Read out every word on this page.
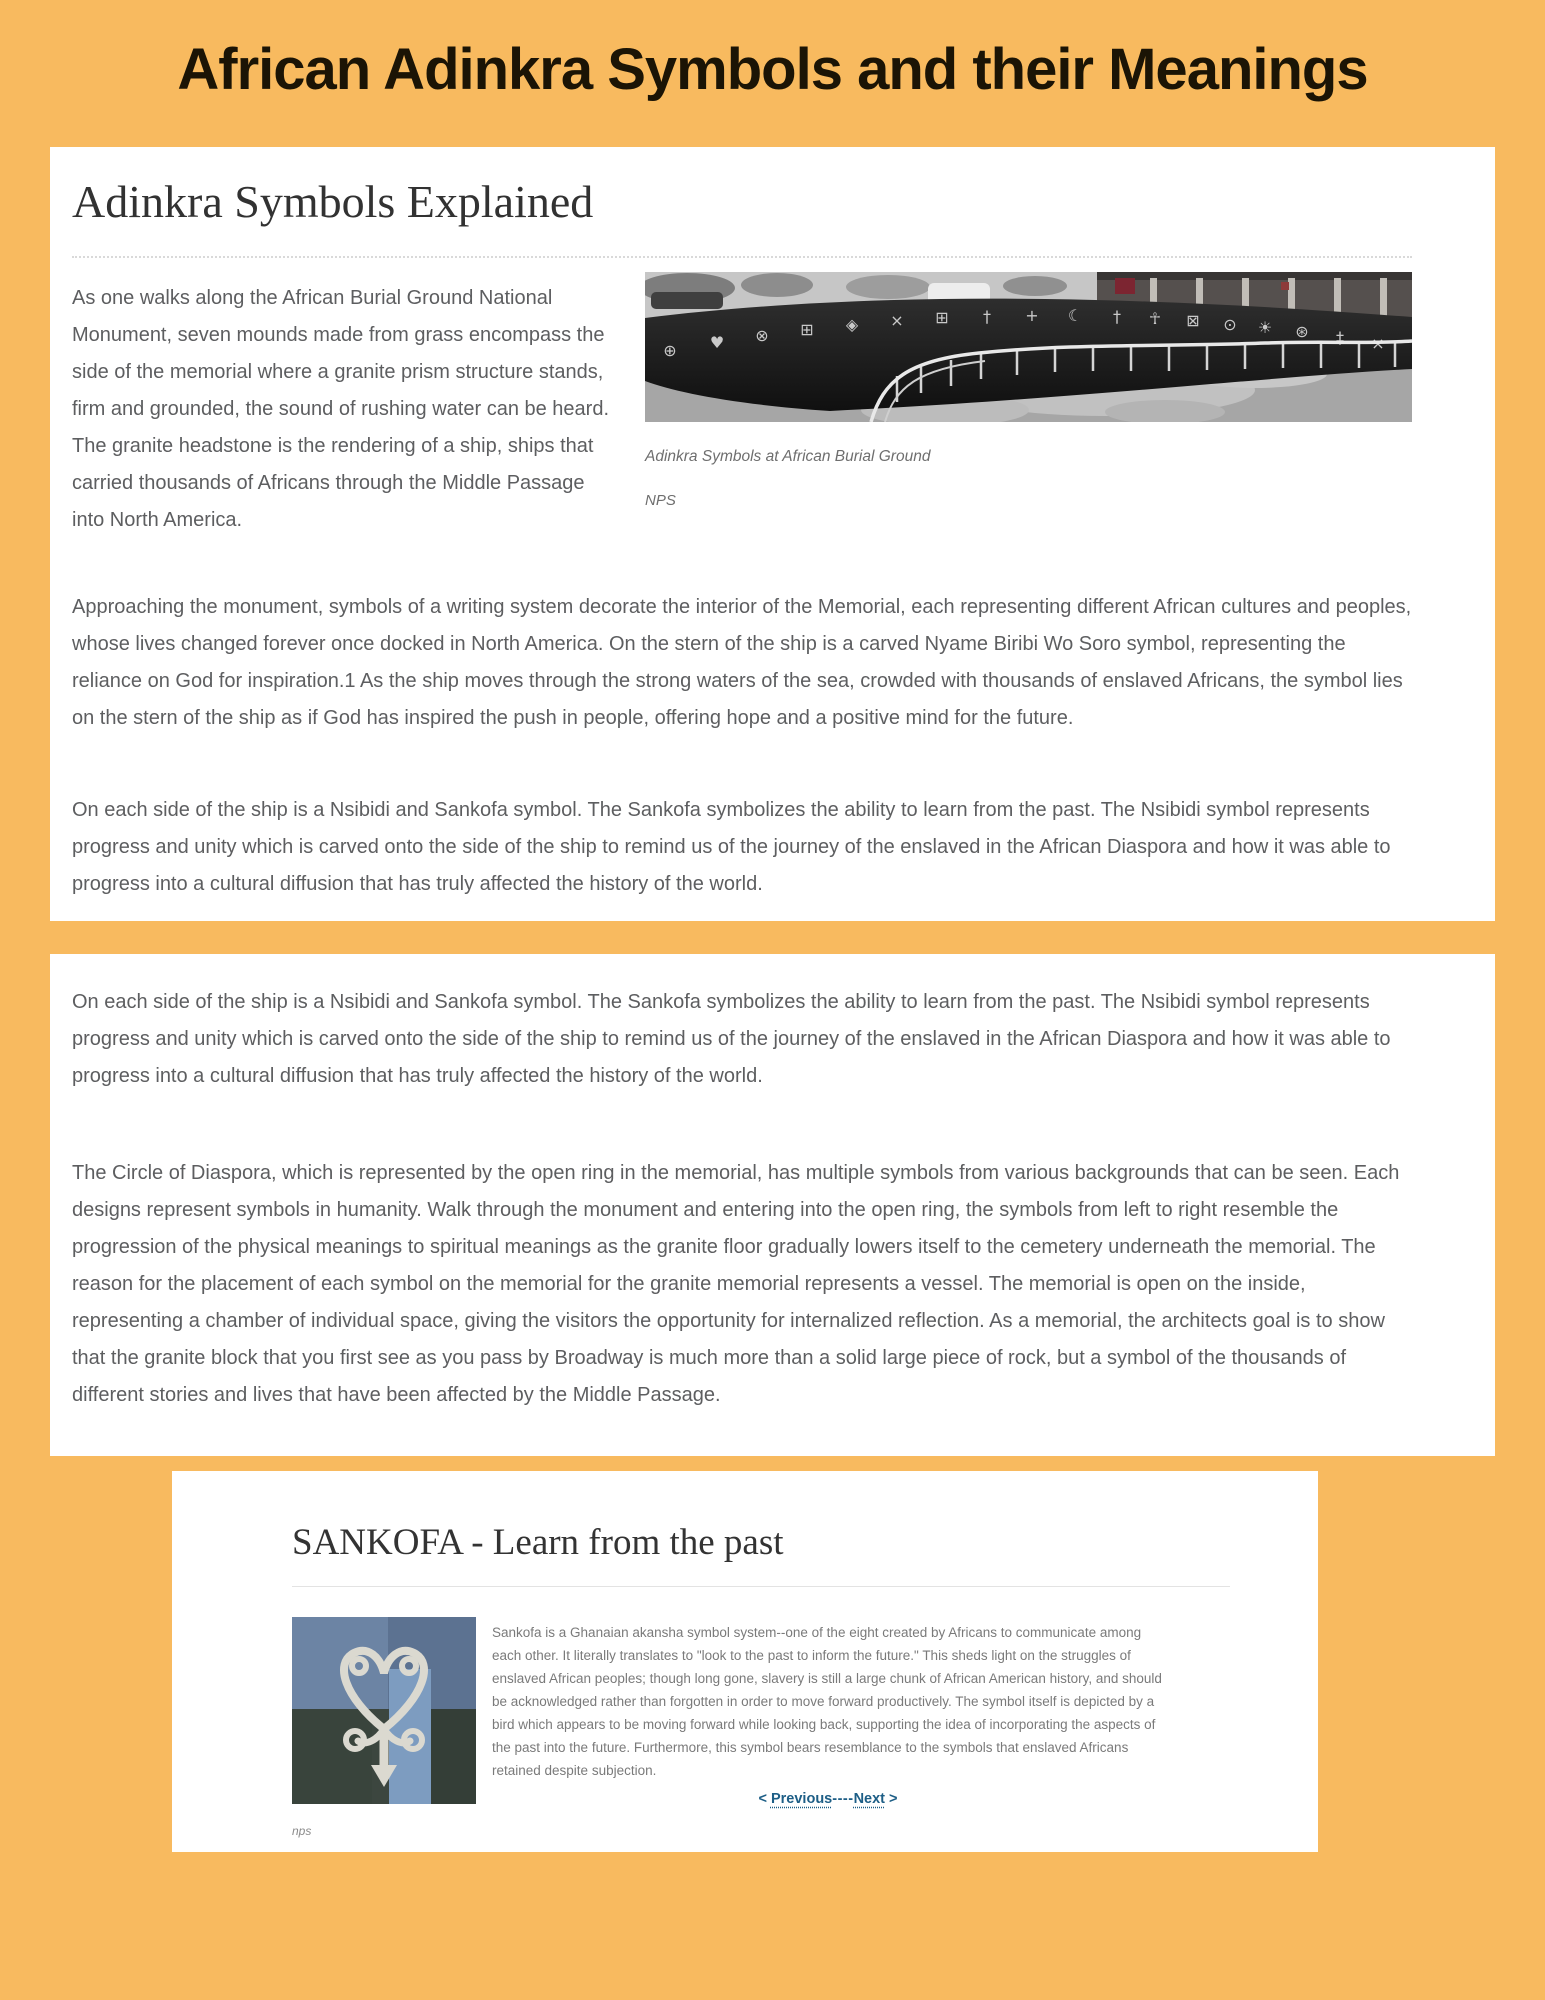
African Adinkra Symbols and their Meanings
Adinkra Symbols Explained

As one walks along the African Burial Ground National Monument, seven mounds made from grass encompass the side of the memorial where a granite prism structure stands, firm and grounded, the sound of rushing water can be heard. The granite headstone is the rendering of a ship, ships that carried thousands of Africans through the Middle Passage into North America.

⊕ ♥ ⊗ ⊞ ◈ × ⊞ † + ☾ † ☥ ⊠ ⊙ ☀ ⊛ ‡ ×
Adinkra Symbols at African Burial Ground
NPS

Approaching the monument, symbols of a writing system decorate the interior of the Memorial, each representing different African cultures and peoples, whose lives changed forever once docked in North America. On the stern of the ship is a carved Nyame Biribi Wo Soro symbol, representing the reliance on God for inspiration.1 As the ship moves through the strong waters of the sea, crowded with thousands of enslaved Africans, the symbol lies on the stern of the ship as if God has inspired the push in people, offering hope and a positive mind for the future.

On each side of the ship is a Nsibidi and Sankofa symbol. The Sankofa symbolizes the ability to learn from the past. The Nsibidi symbol represents progress and unity which is carved onto the side of the ship to remind us of the journey of the enslaved in the African Diaspora and how it was able to progress into a cultural diffusion that has truly affected the history of the world.

On each side of the ship is a Nsibidi and Sankofa symbol. The Sankofa symbolizes the ability to learn from the past. The Nsibidi symbol represents progress and unity which is carved onto the side of the ship to remind us of the journey of the enslaved in the African Diaspora and how it was able to progress into a cultural diffusion that has truly affected the history of the world.

The Circle of Diaspora, which is represented by the open ring in the memorial, has multiple symbols from various backgrounds that can be seen. Each designs represent symbols in humanity. Walk through the monument and entering into the open ring, the symbols from left to right resemble the progression of the physical meanings to spiritual meanings as the granite floor gradually lowers itself to the cemetery underneath the memorial. The reason for the placement of each symbol on the memorial for the granite memorial represents a vessel. The memorial is open on the inside, representing a chamber of individual space, giving the visitors the opportunity for internalized reflection. As a memorial, the architects goal is to show that the granite block that you first see as you pass by Broadway is much more than a solid large piece of rock, but a symbol of the thousands of different stories and lives that have been affected by the Middle Passage.

SANKOFA - Learn from the past
nps

Sankofa is a Ghanaian akansha symbol system--one of the eight created by Africans to communicate among each other. It literally translates to "look to the past to inform the future." This sheds light on the struggles of enslaved African peoples; though long gone, slavery is still a large chunk of African American history, and should be acknowledged rather than forgotten in order to move forward productively. The symbol itself is depicted by a bird which appears to be moving forward while looking back, supporting the idea of incorporating the aspects of the past into the future. Furthermore, this symbol bears resemblance to the symbols that enslaved Africans retained despite subjection.

< Previous----Next >
